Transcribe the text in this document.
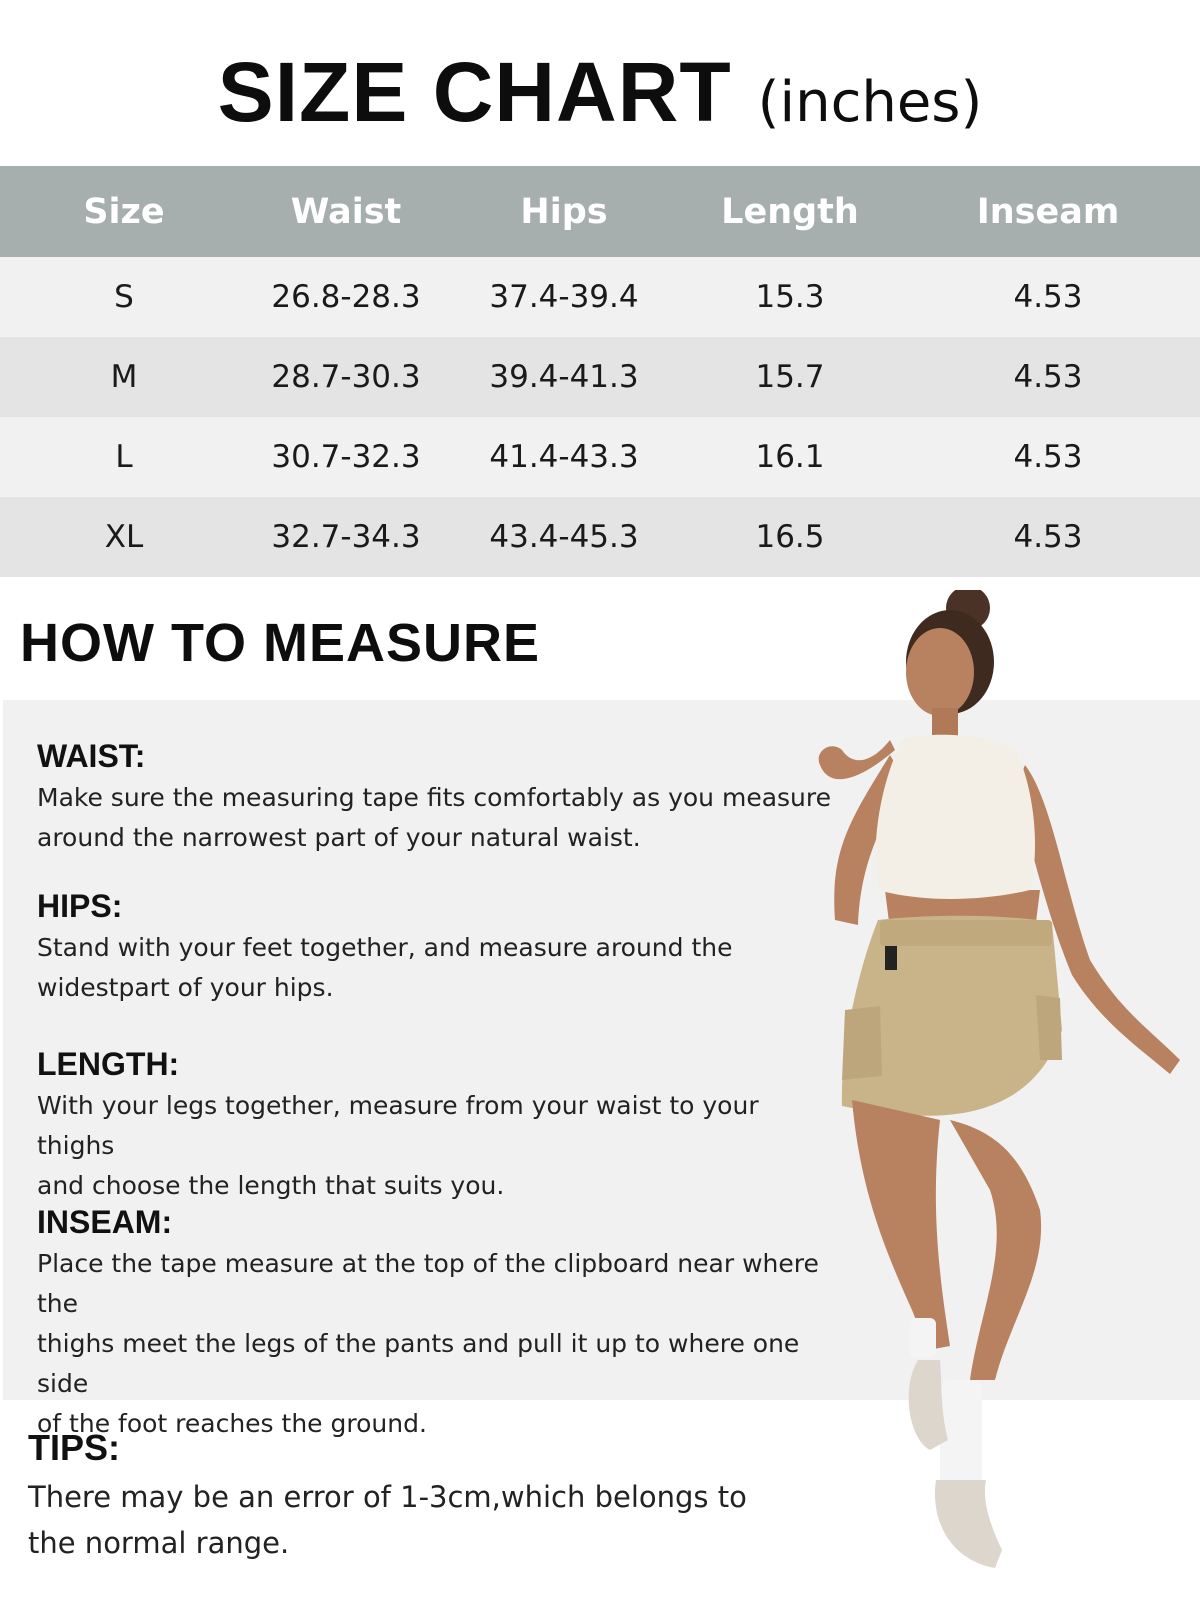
SIZE CHART (inches)
Size	Waist	Hips	Length	Inseam
S	26.8-28.3	37.4-39.4	15.3	4.53
M	28.7-30.3	39.4-41.3	15.7	4.53
L	30.7-32.3	41.4-43.3	16.1	4.53
XL	32.7-34.3	43.4-45.3	16.5	4.53
HOW TO MEASURE
WAIST:
Make sure the measuring tape fits comfortably as you measure
around the narrowest part of your natural waist.
HIPS:
Stand with your feet together, and measure around the
widestpart of your hips.
LENGTH:
With your legs together, measure from your waist to your thighs
and choose the length that suits you.
INSEAM:
Place the tape measure at the top of the clipboard near where the
thighs meet the legs of the pants and pull it up to where one side
of the foot reaches the ground.
TIPS:
There may be an error of 1-3cm,which belongs to
the normal range.
